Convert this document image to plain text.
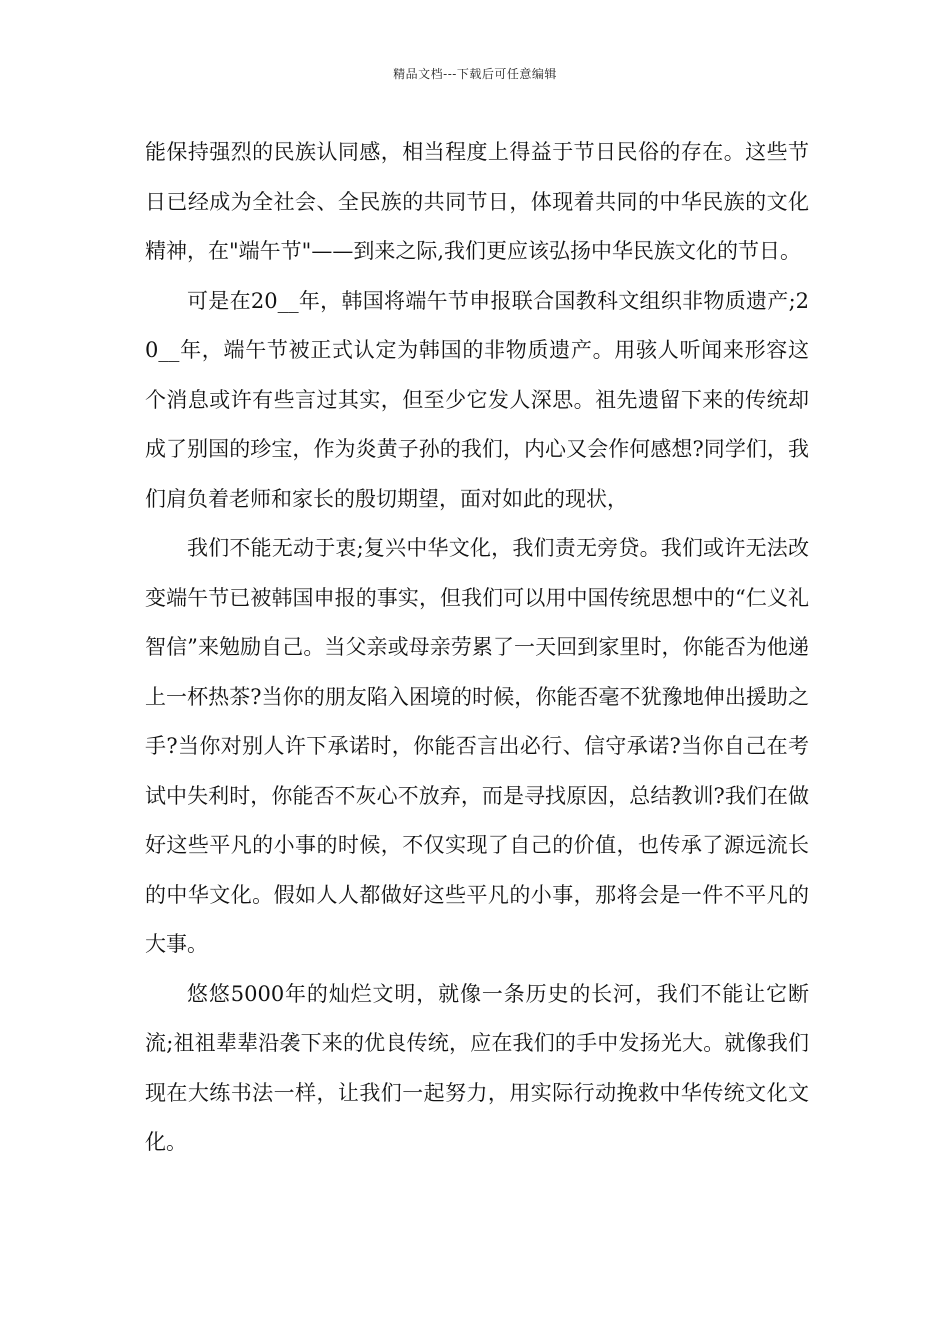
精品文档---下载后可任意编辑

能保持强烈的民族认同感，相当程度上得益于节日民俗的存在。这些节日已经成为全社会、全民族的共同节日，体现着共同的中华民族的文化精神，在"端午节"——到来之际,我们更应该弘扬中华民族文化的节日。

可是在20__年，韩国将端午节申报联合国教科文组织非物质遗产;20__年，端午节被正式认定为韩国的非物质遗产。用骇人听闻来形容这个消息或许有些言过其实，但至少它发人深思。祖先遗留下来的传统却成了别国的珍宝，作为炎黄子孙的我们，内心又会作何感想?同学们，我们肩负着老师和家长的殷切期望，面对如此的现状，

我们不能无动于衷;复兴中华文化，我们责无旁贷。我们或许无法改变端午节已被韩国申报的事实，但我们可以用中国传统思想中的“仁义礼智信”来勉励自己。当父亲或母亲劳累了一天回到家里时，你能否为他递上一杯热茶?当你的朋友陷入困境的时候，你能否毫不犹豫地伸出援助之手?当你对别人许下承诺时，你能否言出必行、信守承诺?当你自己在考试中失利时，你能否不灰心不放弃，而是寻找原因，总结教训?我们在做好这些平凡的小事的时候，不仅实现了自己的价值，也传承了源远流长的中华文化。假如人人都做好这些平凡的小事，那将会是一件不平凡的大事。

悠悠5000年的灿烂文明，就像一条历史的长河，我们不能让它断流;祖祖辈辈沿袭下来的优良传统，应在我们的手中发扬光大。就像我们现在大练书法一样，让我们一起努力，用实际行动挽救中华传统文化文化。
